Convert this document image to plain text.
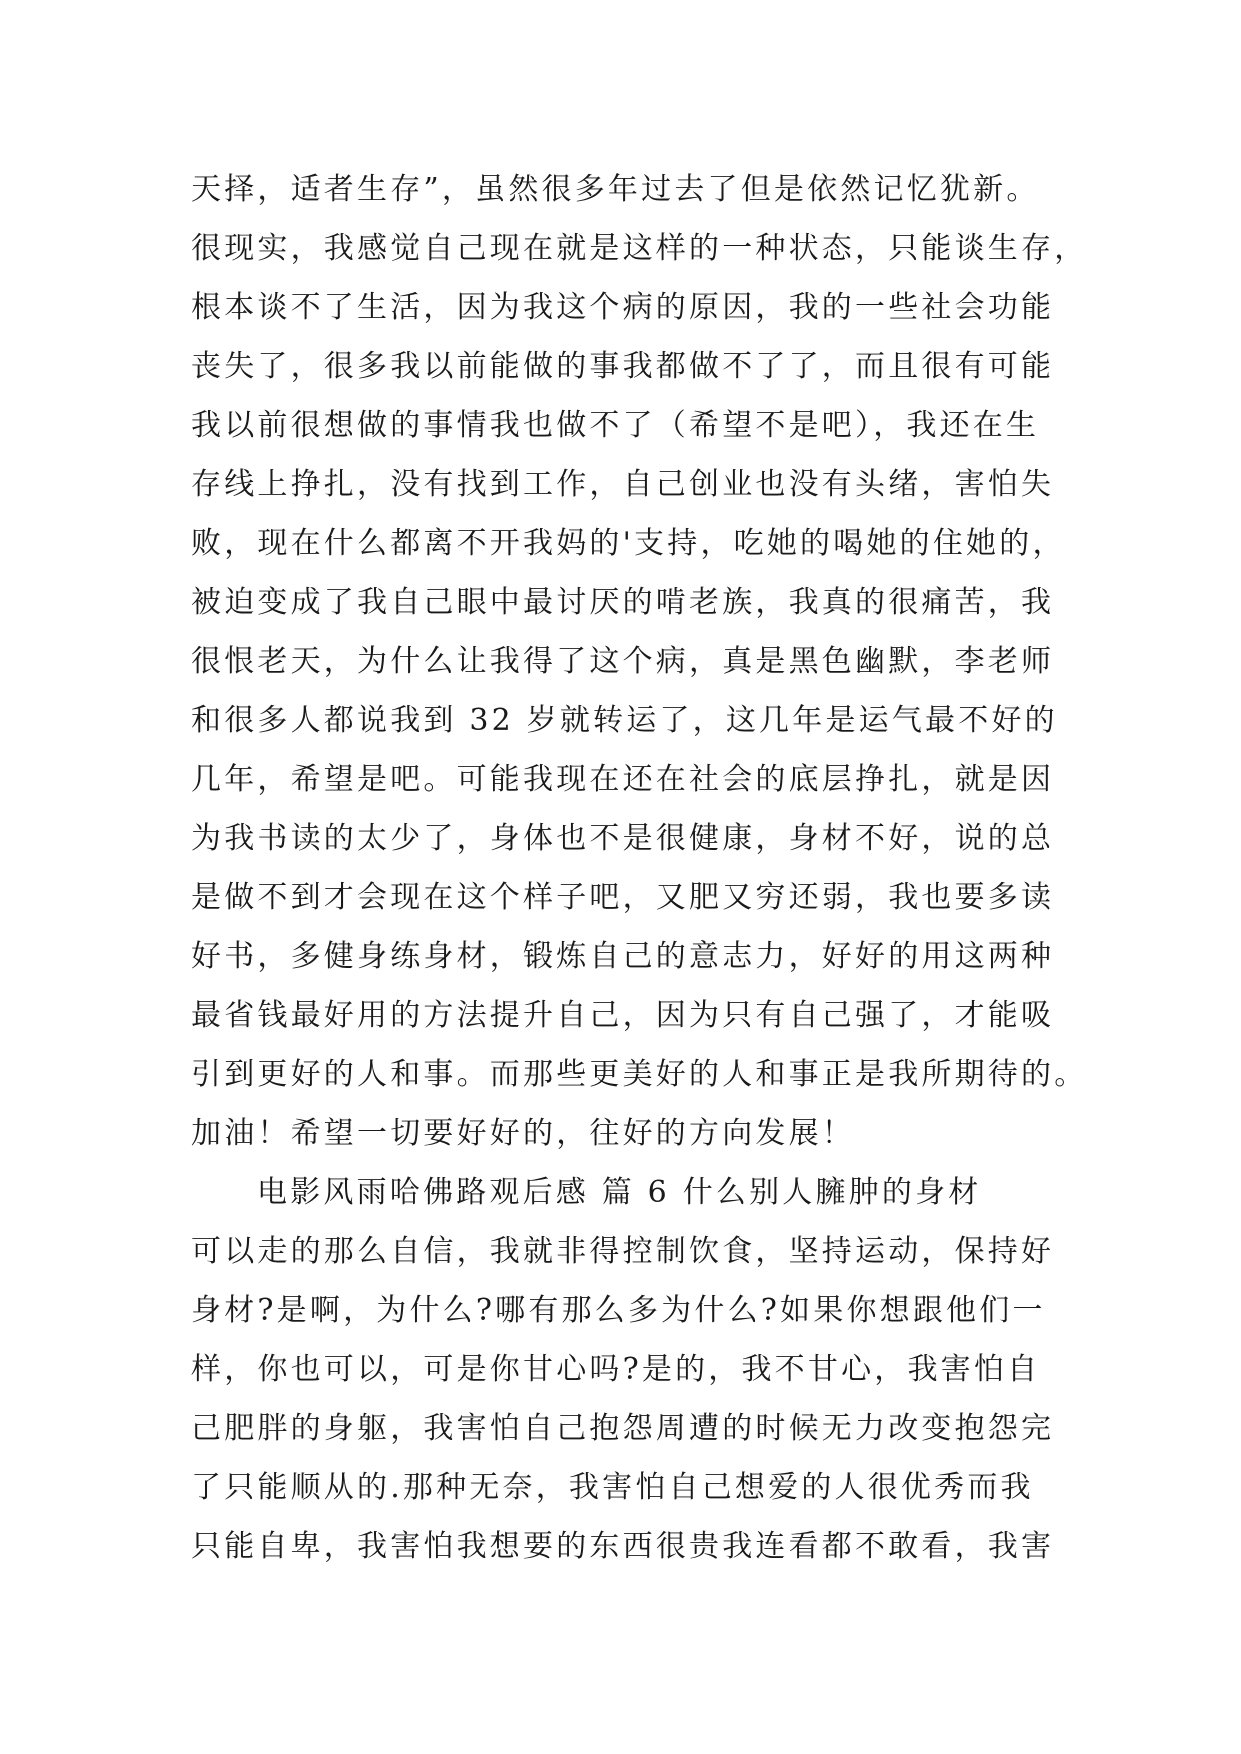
天择，适者生存”，虽然很多年过去了但是依然记忆犹新。
很现实，我感觉自己现在就是这样的一种状态，只能谈生存，
根本谈不了生活，因为我这个病的原因，我的一些社会功能
丧失了，很多我以前能做的事我都做不了了，而且很有可能
我以前很想做的事情我也做不了（希望不是吧），我还在生
存线上挣扎，没有找到工作，自己创业也没有头绪，害怕失
败，现在什么都离不开我妈的'支持，吃她的喝她的住她的，
被迫变成了我自己眼中最讨厌的啃老族，我真的很痛苦，我
很恨老天，为什么让我得了这个病，真是黑色幽默，李老师
和很多人都说我到 32 岁就转运了，这几年是运气最不好的
几年，希望是吧。可能我现在还在社会的底层挣扎，就是因
为我书读的太少了，身体也不是很健康，身材不好，说的总
是做不到才会现在这个样子吧，又肥又穷还弱，我也要多读
好书，多健身练身材，锻炼自己的意志力，好好的用这两种
最省钱最好用的方法提升自己，因为只有自己强了，才能吸
引到更好的人和事。而那些更美好的人和事正是我所期待的。
加油！希望一切要好好的，往好的方向发展！
电影风雨哈佛路观后感 篇 6 什么别人臃肿的身材
可以走的那么自信，我就非得控制饮食，坚持运动，保持好
身材?是啊，为什么?哪有那么多为什么?如果你想跟他们一
样，你也可以，可是你甘心吗?是的，我不甘心，我害怕自
己肥胖的身躯，我害怕自己抱怨周遭的时候无力改变抱怨完
了只能顺从的.那种无奈，我害怕自己想爱的人很优秀而我
只能自卑，我害怕我想要的东西很贵我连看都不敢看，我害
